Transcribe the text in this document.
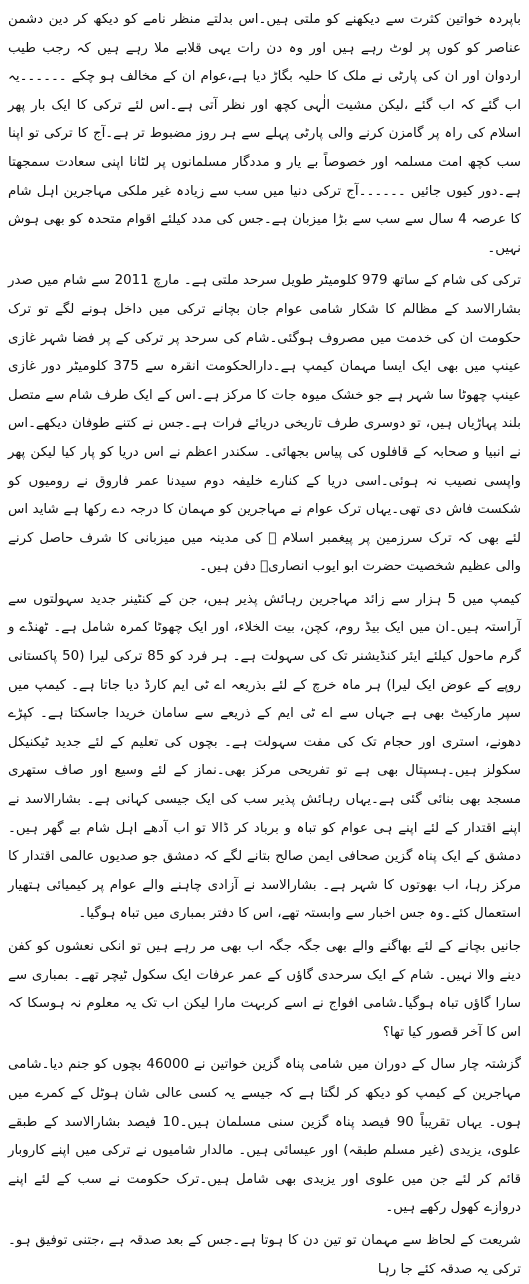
باپردہ خواتین کثرت سے دیکھنے کو ملتی ہیں۔اس بدلتے منظر نامے کو دیکھ کر دین دشمن عناصر کو کوں پر لوٹ رہے ہیں اور وہ دن رات یہی قلابے ملا رہے ہیں کہ رجب طیب اردوان اور ان کی پارٹی نے ملک کا حلیہ بگاڑ دیا ہے،عوام ان کے مخالف ہو چکے ۔۔۔۔۔۔یہ اب گئے کہ اب گئے ،لیکن مشیت الٰہی کچھ اور نظر آتی ہے۔اس لئے ترکی کا ایک بار پھر اسلام کی راہ پر گامزن کرنے والی پارٹی پہلے سے ہر روز مضبوط تر ہے۔آج کا ترکی تو اپنا سب کچھ امت مسلمہ اور خصوصاً بے یار و مددگار مسلمانوں پر لٹانا اپنی سعادت سمجھتا ہے۔دور کیوں جائیں ۔۔۔۔۔۔آج ترکی دنیا میں سب سے زیادہ غیر ملکی مہاجرین اہل شام کا عرصہ 4 سال سے سب سے بڑا میزبان ہے۔جس کی مدد کیلئے اقوام متحدہ کو بھی ہوش نہیں۔

ترکی کی شام کے ساتھ 979 کلومیٹر طویل سرحد ملتی ہے۔ مارچ 2011 سے شام میں صدر بشارالاسد کے مظالم کا شکار شامی عوام جان بچانے ترکی میں داخل ہونے لگے تو ترک حکومت ان کی خدمت میں مصروف ہوگئی۔شام کی سرحد پر ترکی کے پر فضا شہر غازی عینپ میں بھی ایک ایسا مہمان کیمپ ہے۔دارالحکومت انقرہ سے 375 کلومیٹر دور غازی عینپ چھوٹا سا شہر ہے جو خشک میوہ جات کا مرکز ہے۔اس کے ایک طرف شام سے متصل بلند پہاڑیاں ہیں، تو دوسری طرف تاریخی دریائے فرات ہے۔جس نے کتنے طوفان دیکھے۔اس نے انبیا و صحابہ کے قافلوں کی پیاس بجھائی۔ سکندر اعظم نے اس دریا کو پار کیا لیکن پھر واپسی نصیب نہ ہوئی۔اسی دریا کے کنارے خلیفہ دوم سیدنا عمر فاروق نے رومیوں کو شکست فاش دی تھی۔یہاں ترک عوام نے مہاجرین کو مہمان کا درجہ دے رکھا ہے شاید اس لئے بھی کہ ترک سرزمین پر پیغمبر اسلام ﷺ کی مدینہ میں میزبانی کا شرف حاصل کرنے والی عظیم شخصیت حضرت ابو ایوب انصاریؓ دفن ہیں۔

کیمپ میں 5 ہزار سے زائد مہاجرین رہائش پذیر ہیں، جن کے کنٹینر جدید سہولتوں سے آراستہ ہیں۔ان میں ایک بیڈ روم، کچن، بیت الخلاء، اور ایک چھوٹا کمرہ شامل ہے۔ ٹھنڈے و گرم ماحول کیلئے ایئر کنڈیشنر تک کی سہولت ہے۔ ہر فرد کو 85 ترکی لیرا (50 پاکستانی روپے کے عوض ایک لیرا) ہر ماہ خرچ کے لئے بذریعہ اے ٹی ایم کارڈ دیا جاتا ہے۔ کیمپ میں سپر مارکیٹ بھی ہے جہاں سے اے ٹی ایم کے ذریعے سے سامان خریدا جاسکتا ہے۔ کپڑے دھونے، استری اور حجام تک کی مفت سہولت ہے۔ بچوں کی تعلیم کے لئے جدید ٹیکنیکل سکولز ہیں۔ہسپتال بھی ہے تو تفریحی مرکز بھی۔نماز کے لئے وسیع اور صاف ستھری مسجد بھی بنائی گئی ہے۔یہاں رہائش پذیر سب کی ایک جیسی کہانی ہے۔ بشارالاسد نے اپنے اقتدار کے لئے اپنے ہی عوام کو تباہ و برباد کر ڈالا تو اب آدھے اہل شام بے گھر ہیں۔ دمشق کے ایک پناہ گزین صحافی ایمن صالح بتانے لگے کہ دمشق جو صدیوں عالمی اقتدار کا مرکز رہا، اب بھوتوں کا شہر ہے۔ بشارالاسد نے آزادی چاہنے والے عوام پر کیمیائی ہتھیار استعمال کئے۔وہ جس اخبار سے وابستہ تھے، اس کا دفتر بمباری میں تباہ ہوگیا۔

جانیں بچانے کے لئے بھاگنے والے بھی جگہ جگہ اب بھی مر رہے ہیں تو انکی نعشوں کو کفن دینے والا نہیں۔ شام کے ایک سرحدی گاؤں کے عمر عرفات ایک سکول ٹیچر تھے۔ بمباری سے سارا گاؤں تباہ ہوگیا۔شامی افواج نے اسے کربہت مارا لیکن اب تک یہ معلوم نہ ہوسکا کہ اس کا آخر قصور کیا تھا؟

گزشتہ چار سال کے دوران میں شامی پناہ گزین خواتین نے 46000 بچوں کو جنم دیا۔شامی مہاجرین کے کیمپ کو دیکھ کر لگتا ہے کہ جیسے یہ کسی عالی شان ہوٹل کے کمرے میں ہوں۔ یہاں تقریباً 90 فیصد پناہ گزین سنی مسلمان ہیں۔10 فیصد بشارالاسد کے طبقے علوی، یزیدی (غیر مسلم طبقہ) اور عیسائی ہیں۔ مالدار شامیوں نے ترکی میں اپنے کاروبار قائم کر لئے جن میں علوی اور یزیدی بھی شامل ہیں۔ترک حکومت نے سب کے لئے اپنے دروازے کھول رکھے ہیں۔

شریعت کے لحاظ سے مہمان تو تین دن کا ہوتا ہے۔جس کے بعد صدقہ ہے ،جتنی توفیق ہو۔ترکی یہ صدقہ کئے جا رہا
